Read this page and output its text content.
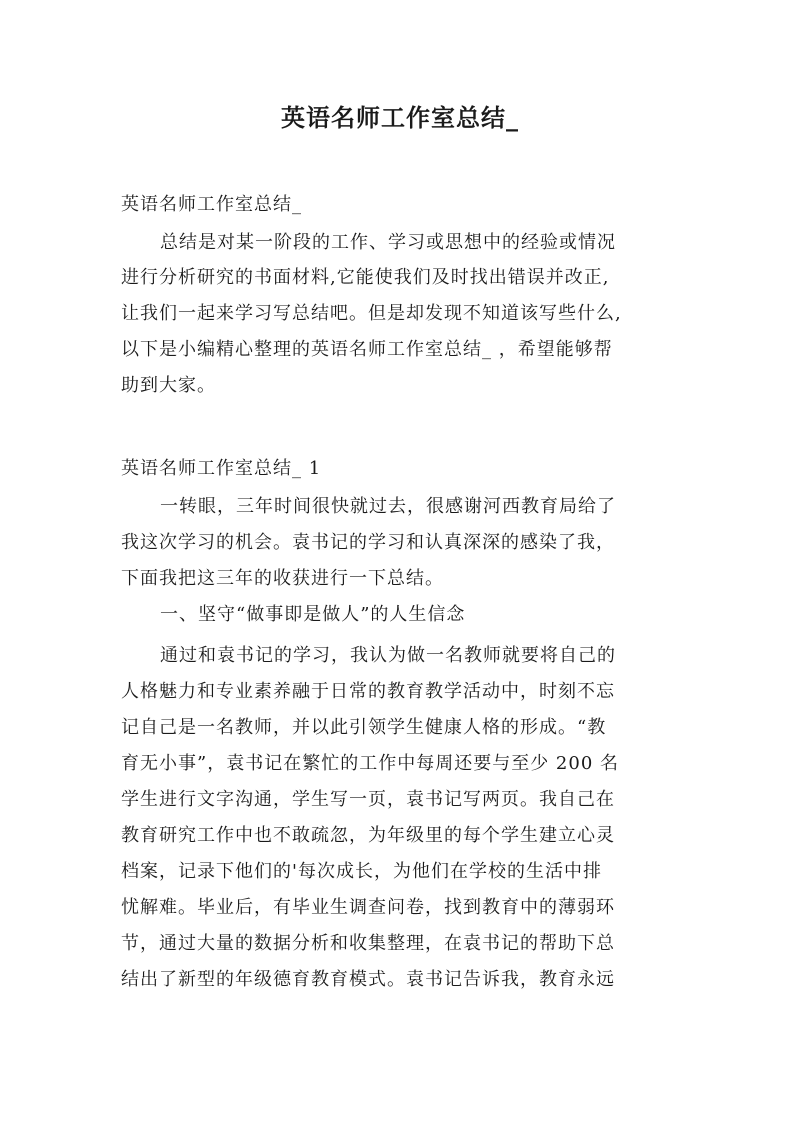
英语名师工作室总结_
英语名师工作室总结_
总结是对某一阶段的工作、学习或思想中的经验或情况
进行分析研究的书面材料,它能使我们及时找出错误并改正,
让我们一起来学习写总结吧。但是却发现不知道该写些什么,
以下是小编精心整理的英语名师工作室总结_ ，希望能够帮
助到大家。
英语名师工作室总结_ 1
一转眼，三年时间很快就过去，很感谢河西教育局给了
我这次学习的机会。袁书记的学习和认真深深的感染了我，
下面我把这三年的收获进行一下总结。
一、坚守“做事即是做人”的人生信念
通过和袁书记的学习，我认为做一名教师就要将自己的
人格魅力和专业素养融于日常的教育教学活动中，时刻不忘
记自己是一名教师，并以此引领学生健康人格的形成。“教
育无小事”，袁书记在繁忙的工作中每周还要与至少 200 名
学生进行文字沟通，学生写一页，袁书记写两页。我自己在
教育研究工作中也不敢疏忽，为年级里的每个学生建立心灵
档案，记录下他们的'每次成长，为他们在学校的生活中排
忧解难。毕业后，有毕业生调查问卷，找到教育中的薄弱环
节，通过大量的数据分析和收集整理，在袁书记的帮助下总
结出了新型的年级德育教育模式。袁书记告诉我，教育永远
